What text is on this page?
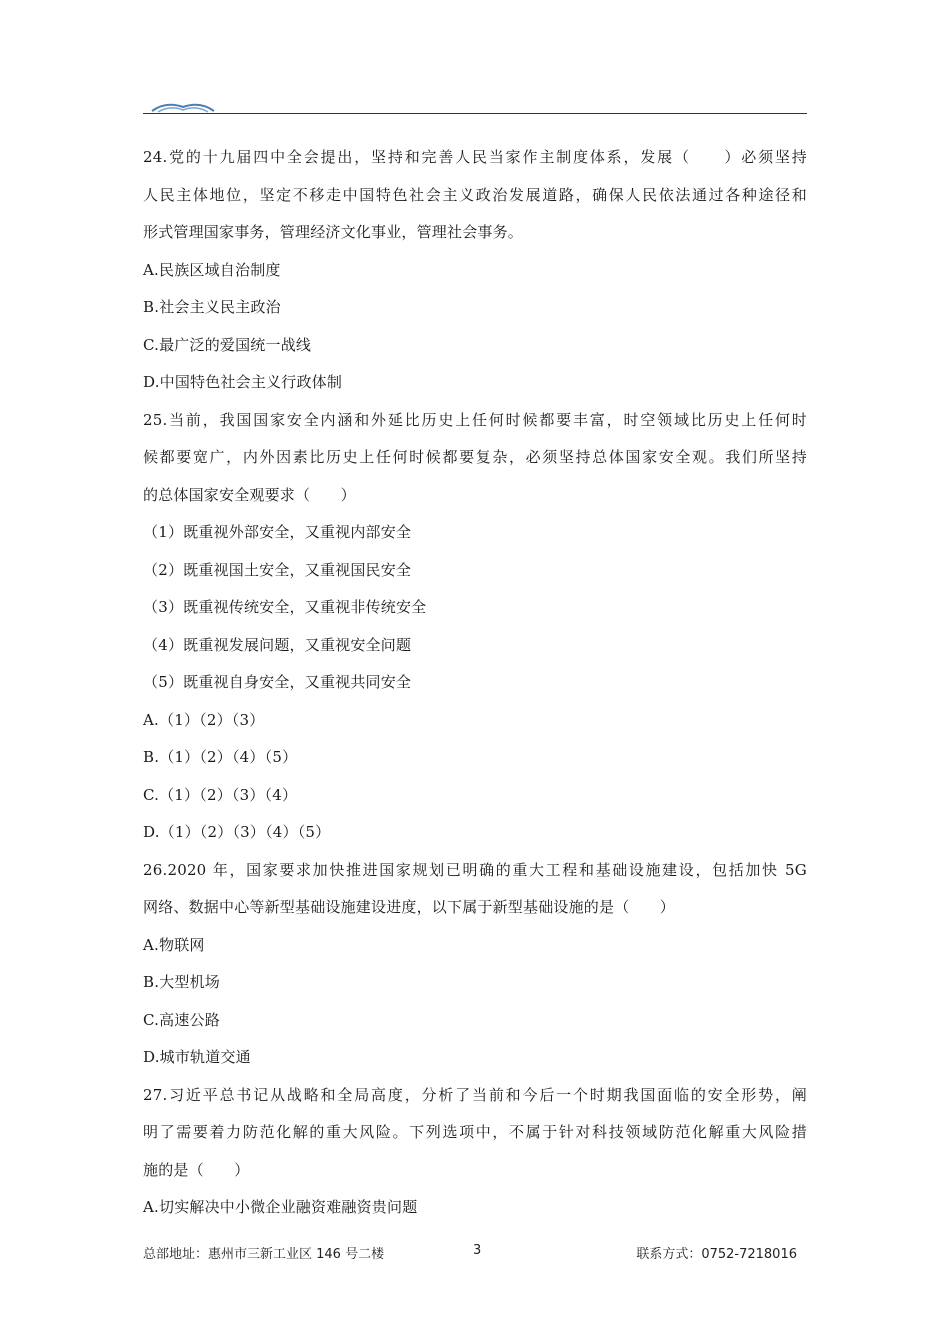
24.党的十九届四中全会提出，坚持和完善人民当家作主制度体系，发展（　　）必须坚持
人民主体地位，坚定不移走中国特色社会主义政治发展道路，确保人民依法通过各种途径和
形式管理国家事务，管理经济文化事业，管理社会事务。
A.民族区域自治制度
B.社会主义民主政治
C.最广泛的爱国统一战线
D.中国特色社会主义行政体制
25.当前，我国国家安全内涵和外延比历史上任何时候都要丰富，时空领域比历史上任何时
候都要宽广，内外因素比历史上任何时候都要复杂，必须坚持总体国家安全观。我们所坚持
的总体国家安全观要求（　　）
（1）既重视外部安全，又重视内部安全
（2）既重视国土安全，又重视国民安全
（3）既重视传统安全，又重视非传统安全
（4）既重视发展问题，又重视安全问题
（5）既重视自身安全，又重视共同安全
A.（1）（2）（3）
B.（1）（2）（4）（5）
C.（1）（2）（3）（4）
D.（1）（2）（3）（4）（5）
26.2020 年，国家要求加快推进国家规划已明确的重大工程和基础设施建设，包括加快 5G
网络、数据中心等新型基础设施建设进度，以下属于新型基础设施的是（　　）
A.物联网
B.大型机场
C.高速公路
D.城市轨道交通
27.习近平总书记从战略和全局高度，分析了当前和今后一个时期我国面临的安全形势，阐
明了需要着力防范化解的重大风险。下列选项中，不属于针对科技领域防范化解重大风险措
施的是（　　）
A.切实解决中小微企业融资难融资贵问题
总部地址：惠州市三新工业区 146 号二楼	3	联系方式：0752-7218016
